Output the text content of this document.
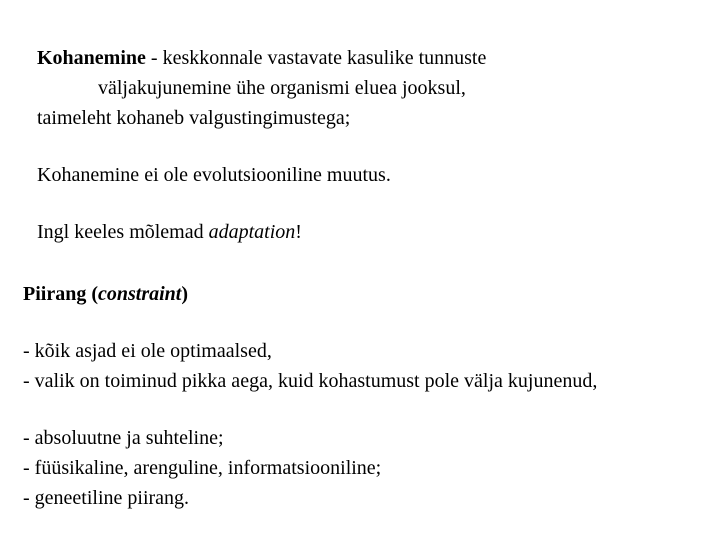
Kohanemine - keskkonnale vastavate kasulike tunnuste
väljakujunemine ühe organismi eluea jooksul,
taimeleht kohaneb valgustingimustega;
Kohanemine ei ole evolutsiooniline muutus.
Ingl keeles mõlemad adaptation!
Piirang (constraint)
- kõik asjad ei ole optimaalsed,
- valik on toiminud pikka aega, kuid kohastumust pole välja kujunenud,
- absoluutne ja suhteline;
- füüsikaline, arenguline, informatsiooniline;
- geneetiline piirang.
